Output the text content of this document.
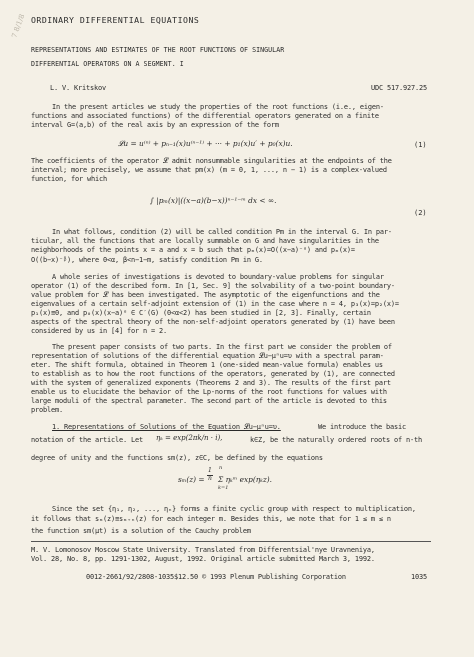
7 8/1/8 ORDINARY DIFFERENTIAL EQUATIONS
REPRESENTATIONS AND ESTIMATES OF THE ROOT FUNCTIONS OF SINGULAR
DIFFERENTIAL OPERATORS ON A SEGMENT. I
L. V. Kritskov	UDC 517.927.25
In the present articles we study the properties of the root functions (i.e., eigen-
functions and associated functions) of the differential operators generated on a finite
interval G=(a,b) of the real axis by an expression of the form
𝓛u = u⁽ⁿ⁾ + pₙ₋₁(x)u⁽ⁿ⁻¹⁾ + ··· + p₁(x)u′ + p₀(x)u.	(1)
The coefficients of the operator 𝓛 admit nonsummable singularities at the endpoints of the
interval; more precisely, we assume that pm(x) (m = 0, 1, ..., n − 1) is a complex-valued
function, for which
∫ |pₘ(x)|((x−a)(b−x))ⁿ⁻¹⁻ᵐ dx < ∞.
(2)
In what follows, condition (2) will be called condition Pm in the interval G. In par-
ticular, all the functions that are locally summable on G and have singularities in the
neighborhoods of the points x = a and x = b such that pₘ(x)=O((x−a)⁻ᵅ) and pₘ(x)=
O((b−x)⁻ᵝ), where 0<α, β<n−1−m, satisfy condition Pm in G.
A whole series of investigations is devoted to boundary-value problems for singular
operator (1) of the described form. In [1, Sec. 9] the solvability of a two-point boundary-
value problem for 𝓛 has been investigated. The asymptotic of the eigenfunctions and the
eigenvalues of a certain self-adjoint extension of (1) in the case where n = 4, p₃(x)=p₂(x)=
p₁(x)≡0, and p₀(x)(x−a)ᵅ ∈ C′(G) (0<α<2) has been studied in [2, 3]. Finally, certain
aspects of the spectral theory of the non-self-adjoint operators generated by (1) have been
considered by us in [4] for n = 2.
The present paper consists of two parts. In the first part we consider the problem of
representation of solutions of the differential equation 𝓛u−μⁿu=υ with a spectral param-
eter. The shift formula, obtained in Theorem 1 (one-sided mean-value formula) enables us
to establish as to how the root functions of the operators, generated by (1), are connected
with the system of generalized exponents (Theorems 2 and 3). The results of the first part
enable us to elucidate the behavior of the Lp-norms of the root functions for values with
large moduli of the spectral parameter. The second part of the article is devoted to this
problem.
1. Representations of Solutions of the Equation 𝓛u−μⁿu=υ.	We introduce the basic
notation of the article. Let ηₖ = exp(2πk/n · i),	k∈Z, be the naturally ordered roots of n-th
degree of unity and the functions sm(z), z∈C, be defined by the equations
$s_m(z) = \frac{1}{n}$ n
k=1
Σ ηₖᵐ exp(ηₖz).
Since the set {η₁, η₂, ..., ηₙ} forms a finite cyclic group with respect to multiplication,
it follows that sₘ(z)≡sₘ₊ₙ(z) for each integer m. Besides this, we note that for 1 ≤ m ≤ n
the function sm(μt) is a solution of the Cauchy problem
M. V. Lomonosov Moscow State University. Translated from Differentsial'nye Uravneniya,
Vol. 28, No. 8, pp. 1291-1302, August, 1992. Original article submitted March 3, 1992.
0012-2661/92/2808-1035$12.50 © 1993 Plenum Publishing Corporation	1035
